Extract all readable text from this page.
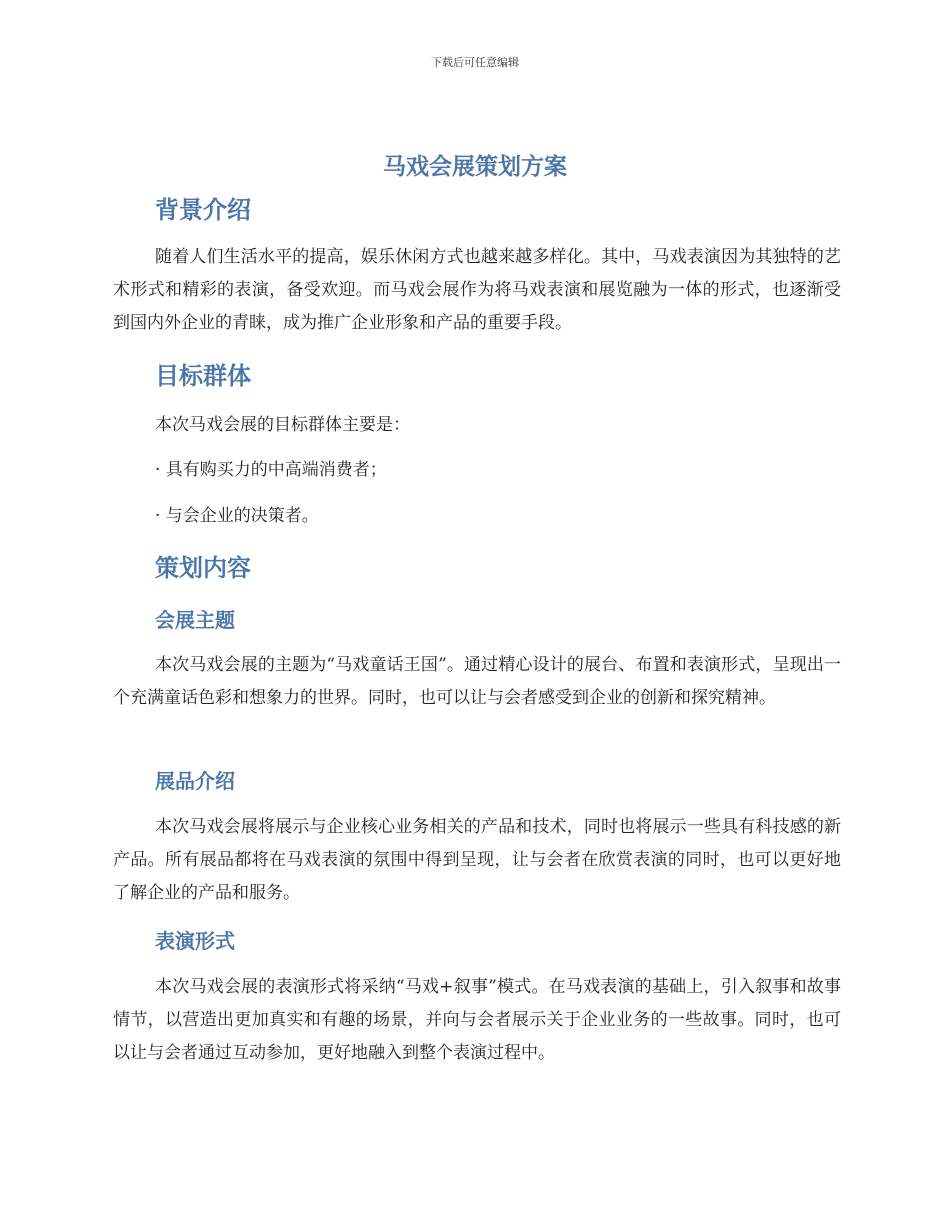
下载后可任意编辑
马戏会展策划方案
背景介绍
随着人们生活水平的提高，娱乐休闲方式也越来越多样化。其中，马戏表演因为其独特的艺术形式和精彩的表演，备受欢迎。而马戏会展作为将马戏表演和展览融为一体的形式，也逐渐受到国内外企业的青睐，成为推广企业形象和产品的重要手段。
目标群体
本次马戏会展的目标群体主要是：
· 具有购买力的中高端消费者；
· 与会企业的决策者。
策划内容
会展主题
本次马戏会展的主题为“马戏童话王国”。通过精心设计的展台、布置和表演形式，呈现出一个充满童话色彩和想象力的世界。同时，也可以让与会者感受到企业的创新和探究精神。
展品介绍
本次马戏会展将展示与企业核心业务相关的产品和技术，同时也将展示一些具有科技感的新产品。所有展品都将在马戏表演的氛围中得到呈现，让与会者在欣赏表演的同时，也可以更好地了解企业的产品和服务。
表演形式
本次马戏会展的表演形式将采纳“马戏+叙事”模式。在马戏表演的基础上，引入叙事和故事情节，以营造出更加真实和有趣的场景，并向与会者展示关于企业业务的一些故事。同时，也可以让与会者通过互动参加，更好地融入到整个表演过程中。
